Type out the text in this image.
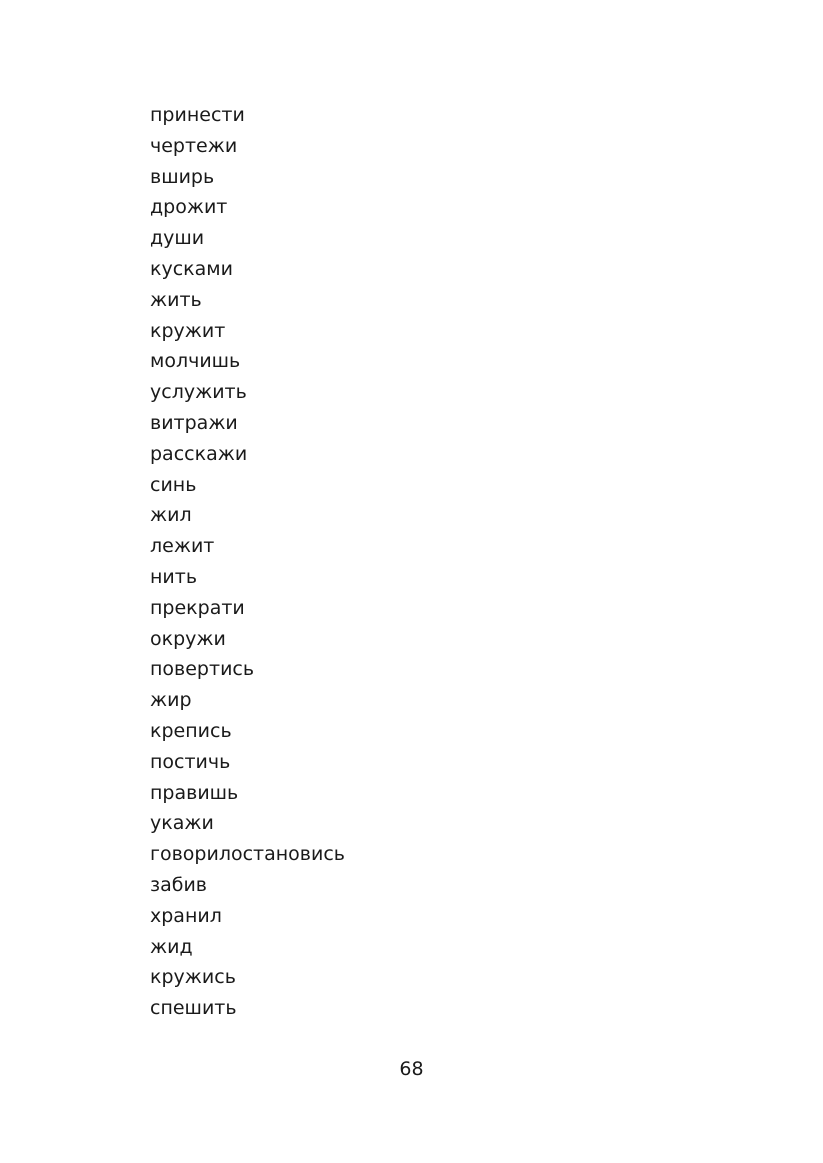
принести
чертежи
вширь
дрожит
души
кусками
жить
кружит
молчишь
услужить
витражи
расскажи
синь
жил
лежит
нить
прекрати
окружи
повертись
жир
крепись
постичь
правишь
укажи
говорилостановись
забив
хранил
жид
кружись
спешить
68
